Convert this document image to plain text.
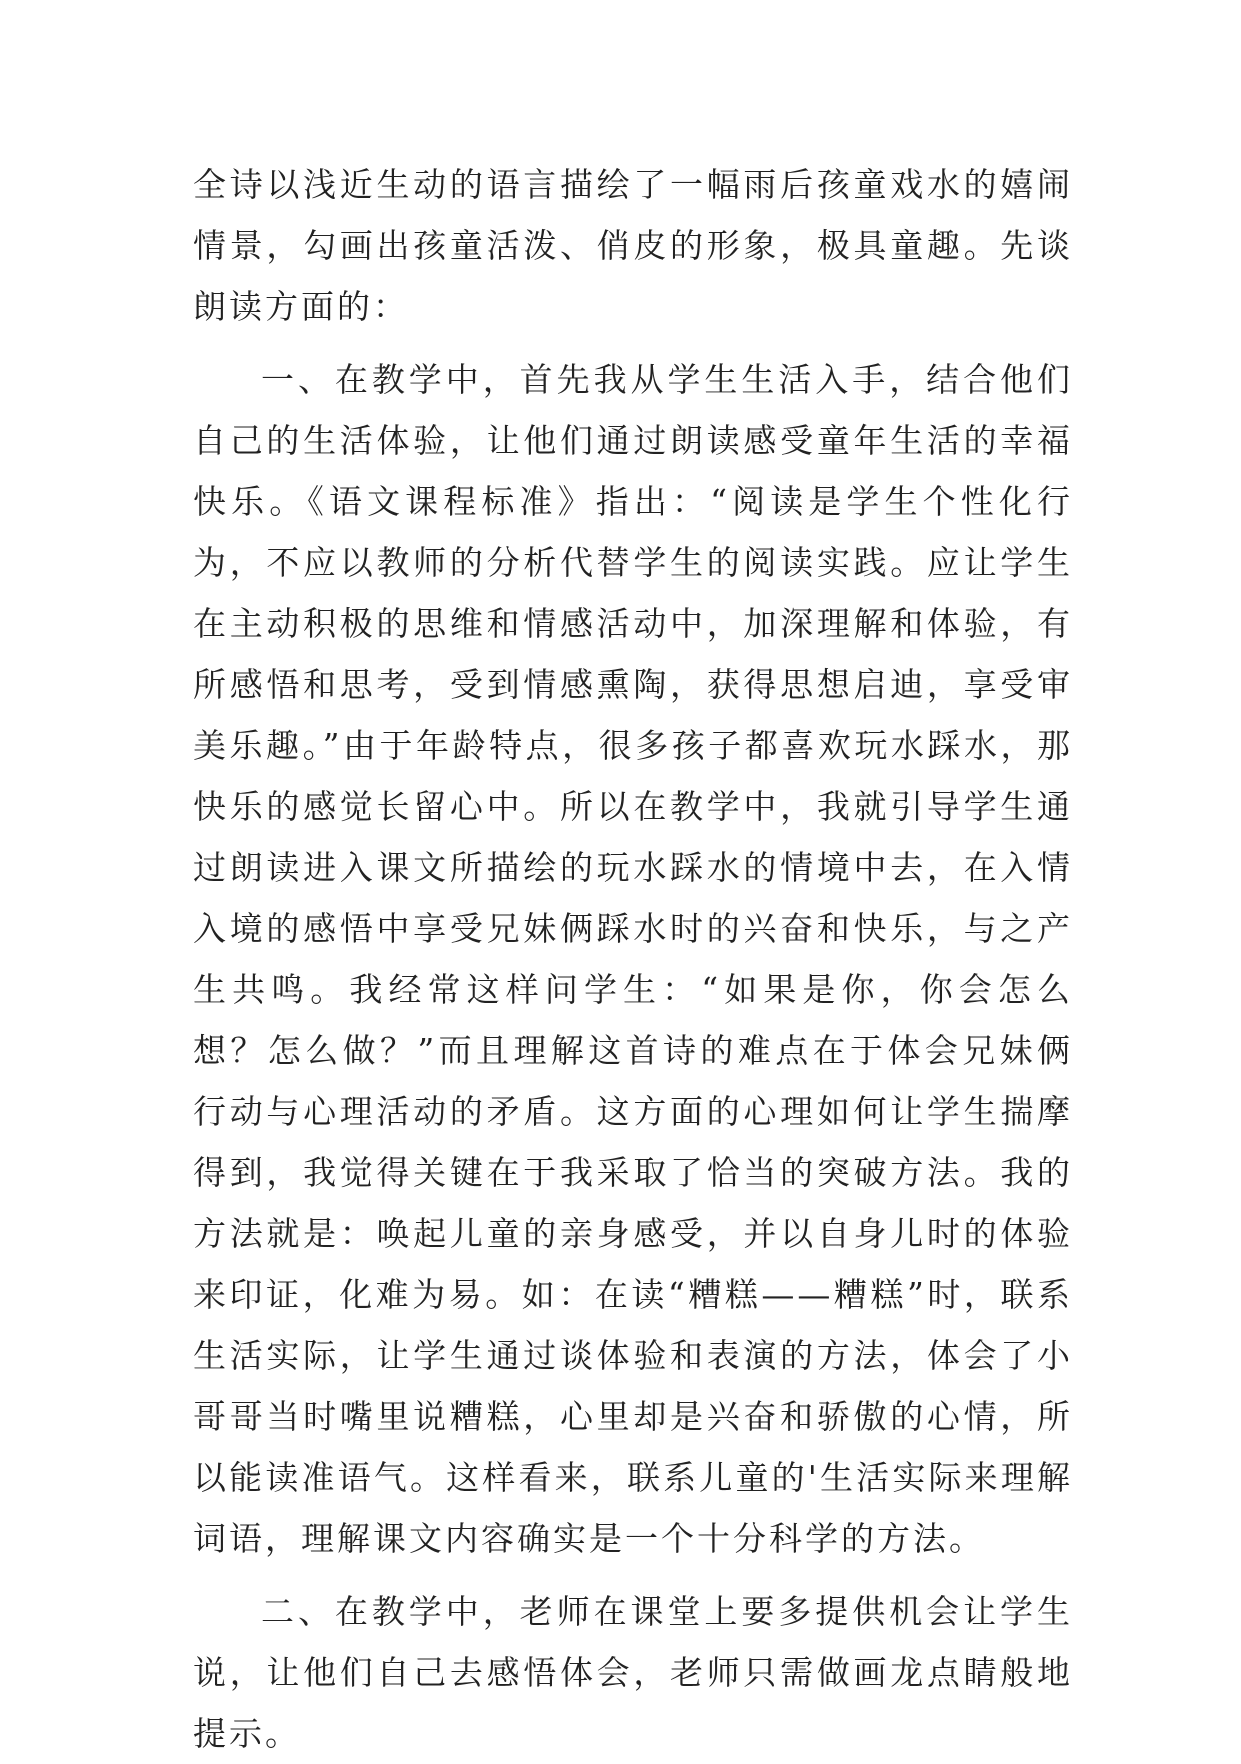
全诗以浅近生动的语言描绘了一幅雨后孩童戏水的嬉闹情景，勾画出孩童活泼、俏皮的形象，极具童趣。先谈朗读方面的：

一、在教学中，首先我从学生生活入手，结合他们自己的生活体验，让他们通过朗读感受童年生活的幸福快乐。《语文课程标准》指出：“阅读是学生个性化行为，不应以教师的分析代替学生的阅读实践。应让学生在主动积极的思维和情感活动中，加深理解和体验，有所感悟和思考，受到情感熏陶，获得思想启迪，享受审美乐趣。”由于年龄特点，很多孩子都喜欢玩水踩水，那快乐的感觉长留心中。所以在教学中，我就引导学生通过朗读进入课文所描绘的玩水踩水的情境中去，在入情入境的感悟中享受兄妹俩踩水时的兴奋和快乐，与之产生共鸣。我经常这样问学生：“如果是你，你会怎么想？怎么做？”而且理解这首诗的难点在于体会兄妹俩行动与心理活动的矛盾。这方面的心理如何让学生揣摩得到，我觉得关键在于我采取了恰当的突破方法。我的方法就是：唤起儿童的亲身感受，并以自身儿时的体验来印证，化难为易。如：在读“糟糕——糟糕”时，联系生活实际，让学生通过谈体验和表演的方法，体会了小哥哥当时嘴里说糟糕，心里却是兴奋和骄傲的心情，所以能读准语气。这样看来，联系儿童的'生活实际来理解词语，理解课文内容确实是一个十分科学的方法。

二、在教学中，老师在课堂上要多提供机会让学生说，让他们自己去感悟体会，老师只需做画龙点睛般地提示。
